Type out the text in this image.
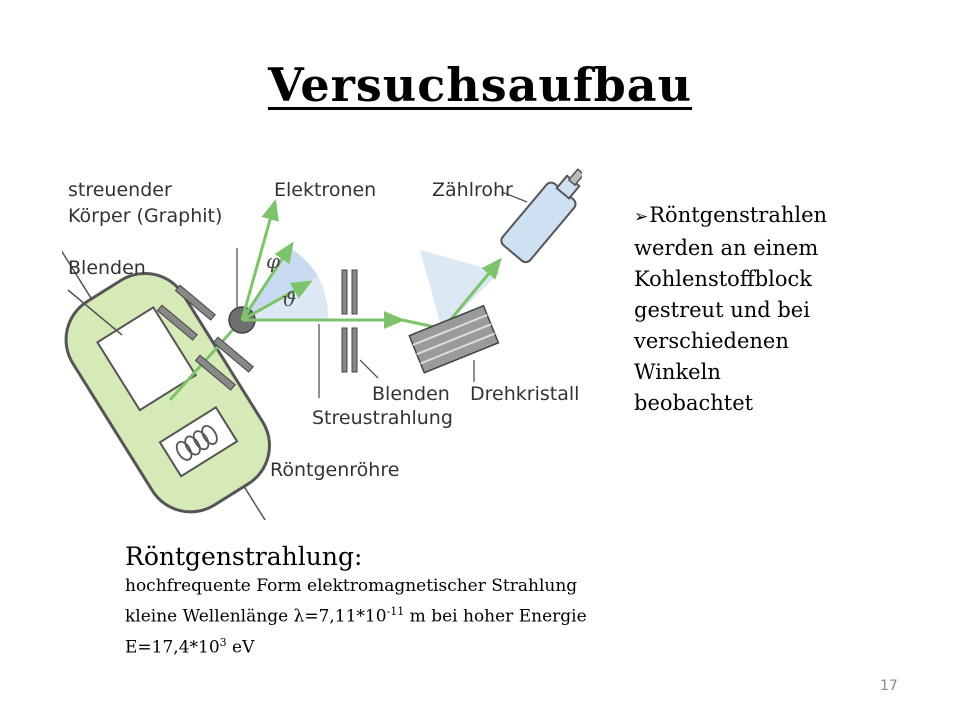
Versuchsaufbau
streuender
Körper (Graphit)
Elektronen	Zählrohr
Blenden
Blenden Drehkristall
Streustrahlung
Röntgenröhre
φ
ϑ
➢Röntgenstrahlen
werden an einem
Kohlenstoffblock
gestreut und bei
verschiedenen
Winkeln
beobachtet
Röntgenstrahlung:
hochfrequente Form elektromagnetischer Strahlung
kleine Wellenlänge $\lambda=7,11*10^{-11}$ m bei hoher Energie
$E=17,4*10^3$ eV
17
